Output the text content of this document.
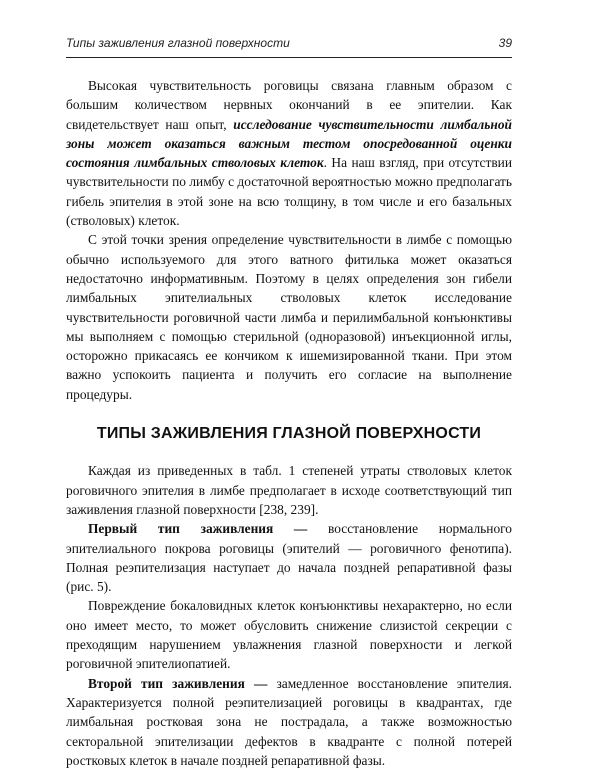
Типы заживления глазной поверхности	39

Высокая чувствительность роговицы связана главным образом с большим количеством нервных окончаний в ее эпителии. Как свидетельствует наш опыт, исследование чувствительности лимбальной зоны может оказаться важным тестом опосредованной оценки состояния лимбальных стволовых клеток. На наш взгляд, при отсутствии чувствительности по лимбу с достаточной вероятностью можно предполагать гибель эпителия в этой зоне на всю толщину, в том числе и его базальных (стволовых) клеток.

С этой точки зрения определение чувствительности в лимбе с помощью обычно используемого для этого ватного фитилька может оказаться недостаточно информативным. Поэтому в целях определения зон гибели лимбальных эпителиальных стволовых клеток исследование чувствительности роговичной части лимба и перилимбальной конъюнктивы мы выполняем с помощью стерильной (одноразовой) инъекционной иглы, осторожно прикасаясь ее кончиком к ишемизированной ткани. При этом важно успокоить пациента и получить его согласие на выполнение процедуры.

ТИПЫ ЗАЖИВЛЕНИЯ ГЛАЗНОЙ ПОВЕРХНОСТИ

Каждая из приведенных в табл. 1 степеней утраты стволовых клеток роговичного эпителия в лимбе предполагает в исходе соответствующий тип заживления глазной поверхности [238, 239].

Первый тип заживления — восстановление нормального эпителиального покрова роговицы (эпителий — роговичного фенотипа). Полная реэпителизация наступает до начала поздней репаративной фазы (рис. 5).

Повреждение бокаловидных клеток конъюнктивы нехарактерно, но если оно имеет место, то может обусловить снижение слизистой секреции с преходящим нарушением увлажнения глазной поверхности и легкой роговичной эпителиопатией.

Второй тип заживления — замедленное восстановление эпителия. Характеризуется полной реэпителизацией роговицы в квадрантах, где лимбальная ростковая зона не пострадала, а также возможностью секторальной эпителизации дефектов в квадранте с полной потерей ростковых клеток в начале поздней репаративной фазы.
